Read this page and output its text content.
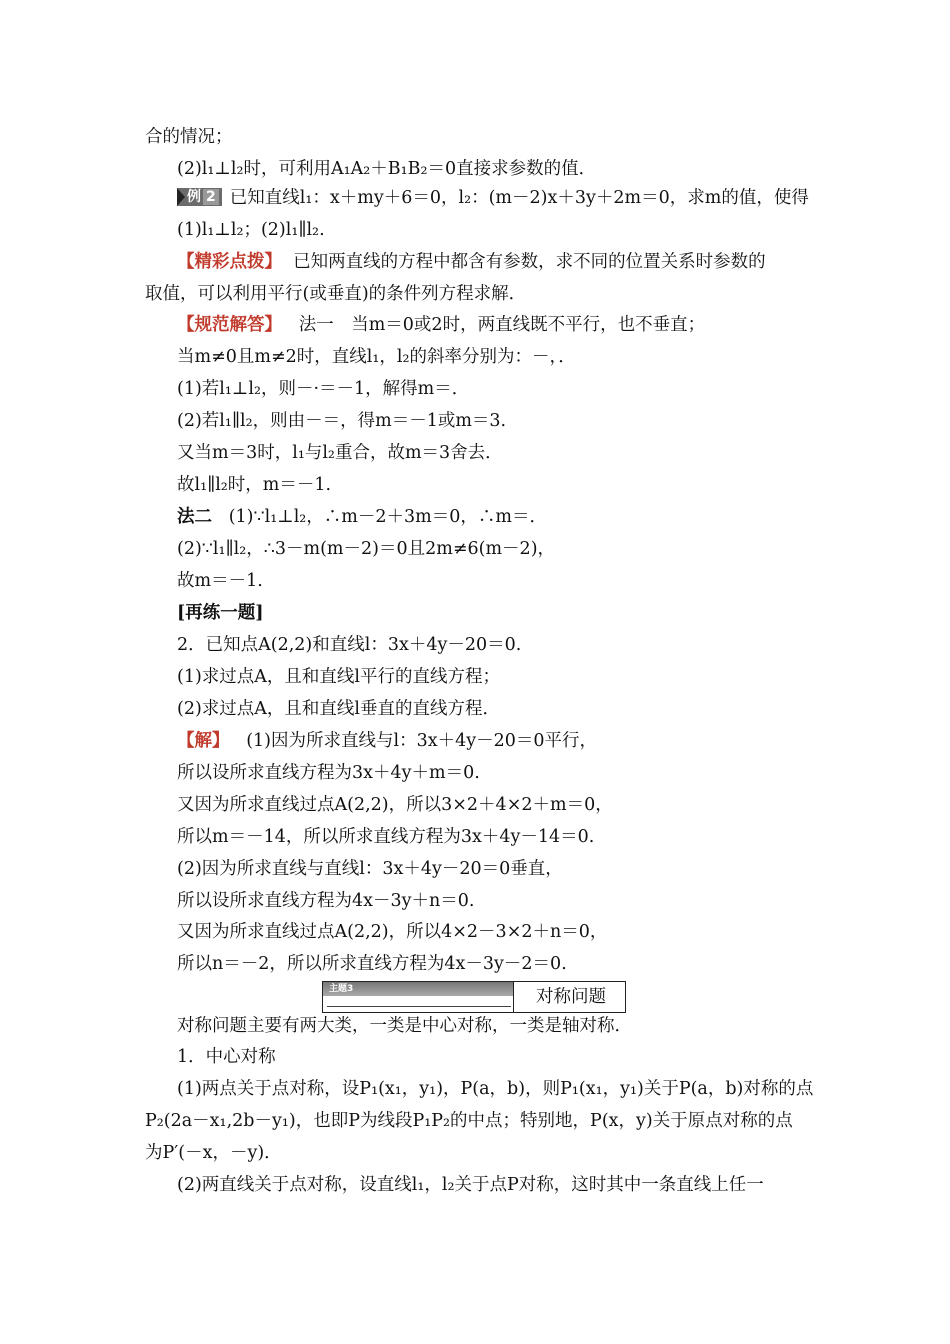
合的情况；
(2)l₁⊥l₂时，可利用A₁A₂＋B₁B₂＝0直接求参数的值．
例 2 已知直线l₁：x＋my＋6＝0，l₂：(m－2)x＋3y＋2m＝0，求m的值，使得
(1)l₁⊥l₂；(2)l₁∥l₂.
【精彩点拨】 已知两直线的方程中都含有参数，求不同的位置关系时参数的
取值，可以利用平行(或垂直)的条件列方程求解．
【规范解答】 法一　当m＝0或2时，两直线既不平行，也不垂直；
当m≠0且m≠2时，直线l₁，l₂的斜率分别为：－，．
(1)若l₁⊥l₂，则－·＝－1，解得m＝．
(2)若l₁∥l₂，则由－＝，得m＝－1或m＝3.
又当m＝3时，l₁与l₂重合，故m＝3舍去．
故l₁∥l₂时，m＝－1.
法二 (1)∵l₁⊥l₂，∴m－2＋3m＝0，∴m＝．
(2)∵l₁∥l₂，∴3－m(m－2)＝0且2m≠6(m－2)，
故m＝－1.
[再练一题]
2．已知点A(2,2)和直线l：3x＋4y－20＝0.
(1)求过点A，且和直线l平行的直线方程；
(2)求过点A，且和直线l垂直的直线方程．
【解】 (1)因为所求直线与l：3x＋4y－20＝0平行，
所以设所求直线方程为3x＋4y＋m＝0.
又因为所求直线过点A(2,2)，所以3×2＋4×2＋m＝0，
所以m＝－14，所以所求直线方程为3x＋4y－14＝0.
(2)因为所求直线与直线l：3x＋4y－20＝0垂直，
所以设所求直线方程为4x－3y＋n＝0.
又因为所求直线过点A(2,2)，所以4×2－3×2＋n＝0，
所以n＝－2，所以所求直线方程为4x－3y－2＝0.
主题3	对称问题
对称问题主要有两大类，一类是中心对称，一类是轴对称．
1．中心对称
(1)两点关于点对称，设P₁(x₁，y₁)，P(a，b)，则P₁(x₁，y₁)关于P(a，b)对称的点
P₂(2a－x₁,2b－y₁)，也即P为线段P₁P₂的中点；特别地，P(x，y)关于原点对称的点
为P′(－x，－y)．
(2)两直线关于点对称，设直线l₁，l₂关于点P对称，这时其中一条直线上任一
